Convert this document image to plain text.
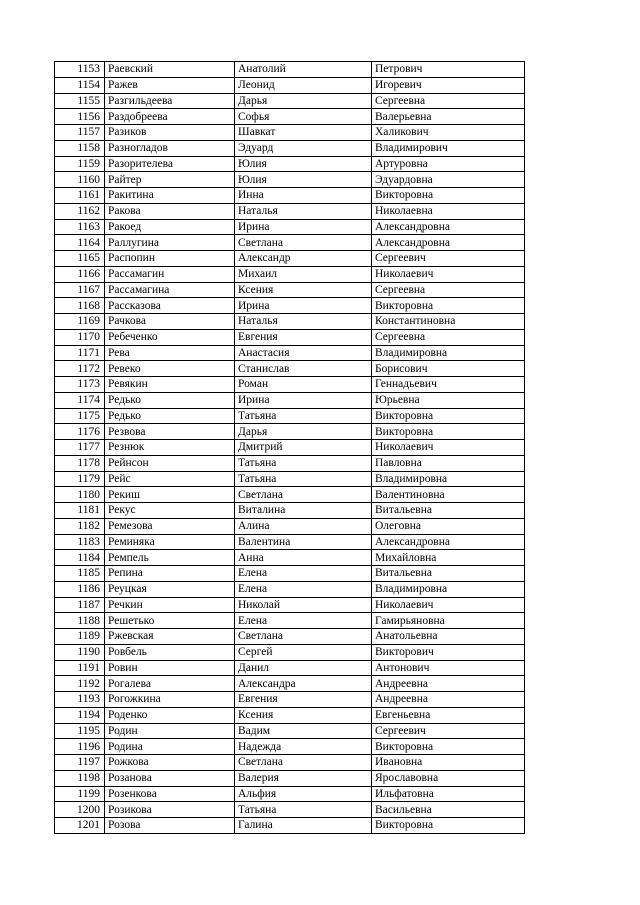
1153	Раевский	Анатолий	Петрович
1154	Ражев	Леонид	Игоревич
1155	Разгильдеева	Дарья	Сергеевна
1156	Раздобреева	Софья	Валерьевна
1157	Разиков	Шавкат	Халикович
1158	Разногладов	Эдуард	Владимирович
1159	Разорителева	Юлия	Артуровна
1160	Райтер	Юлия	Эдуардовна
1161	Ракитина	Инна	Викторовна
1162	Ракова	Наталья	Николаевна
1163	Ракоед	Ирина	Александровна
1164	Раллугина	Светлана	Александровна
1165	Распопин	Александр	Сергеевич
1166	Рассамагин	Михаил	Николаевич
1167	Рассамагина	Ксения	Сергеевна
1168	Рассказова	Ирина	Викторовна
1169	Рачкова	Наталья	Константиновна
1170	Ребеченко	Евгения	Сергеевна
1171	Рева	Анастасия	Владимировна
1172	Ревеко	Станислав	Борисович
1173	Ревякин	Роман	Геннадьевич
1174	Редько	Ирина	Юрьевна
1175	Редько	Татьяна	Викторовна
1176	Резвова	Дарья	Викторовна
1177	Резнюк	Дмитрий	Николаевич
1178	Рейнсон	Татьяна	Павловна
1179	Рейс	Татьяна	Владимировна
1180	Рекиш	Светлана	Валентиновна
1181	Рекус	Виталина	Витальевна
1182	Ремезова	Алина	Олеговна
1183	Реминяка	Валентина	Александровна
1184	Ремпель	Анна	Михайловна
1185	Репина	Елена	Витальевна
1186	Реуцкая	Елена	Владимировна
1187	Речкин	Николай	Николаевич
1188	Решетько	Елена	Гамирьяновна
1189	Ржевская	Светлана	Анатольевна
1190	Ровбель	Сергей	Викторович
1191	Ровин	Данил	Антонович
1192	Рогалева	Александра	Андреевна
1193	Рогожкина	Евгения	Андреевна
1194	Роденко	Ксения	Евгеньевна
1195	Родин	Вадим	Сергеевич
1196	Родина	Надежда	Викторовна
1197	Рожкова	Светлана	Ивановна
1198	Розанова	Валерия	Ярославовна
1199	Розенкова	Альфия	Ильфатовна
1200	Розикова	Татьяна	Васильевна
1201	Розова	Галина	Викторовна
